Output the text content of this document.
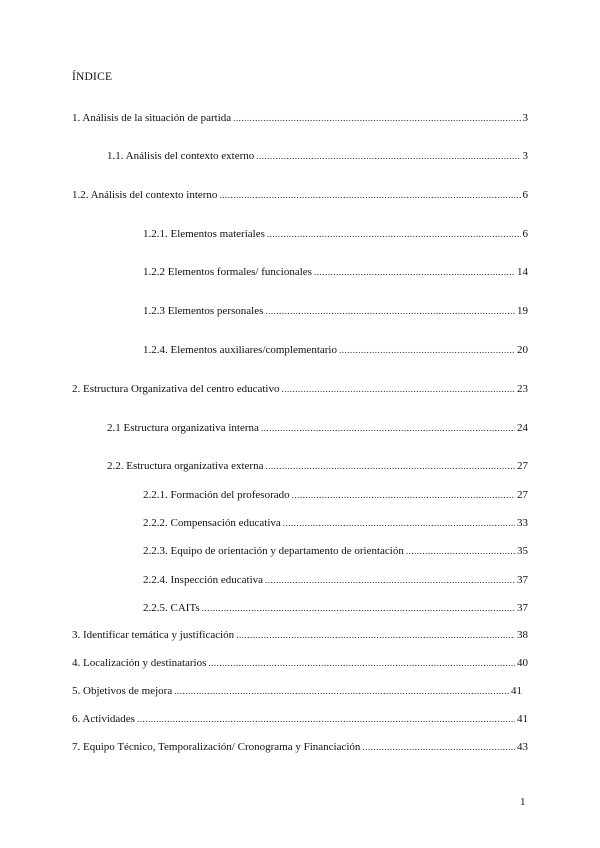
ÍNDICE
1. Análisis de la situación de partida .....	3
1.1. Análisis del contexto externo .....	3
1.2. Análisis del contexto interno .....	6
1.2.1. Elementos materiales .....	6
1.2.2 Elementos formales/ funcionales .....	14
1.2.3 Elementos personales .....	19
1.2.4. Elementos auxiliares/complementario .....	20
2. Estructura Organizativa del centro educativo .....	23
2.1 Estructura organizativa interna .....	24
2.2. Estructura organizativa externa .....	27
2.2.1. Formación del profesorado .....	27
2.2.2. Compensación educativa .....	33
2.2.3. Equipo de orientación y departamento de orientación .....	35
2.2.4. Inspección educativa .....	37
2.2.5. CAITs .....	37
3. Identificar temática y justificación .....	38
4. Localización y destinatarios .....	40
5. Objetivos de mejora .....	41
6. Actividades .....	41
7. Equipo Técnico, Temporalización/ Cronograma y Financiación .....	43
1
